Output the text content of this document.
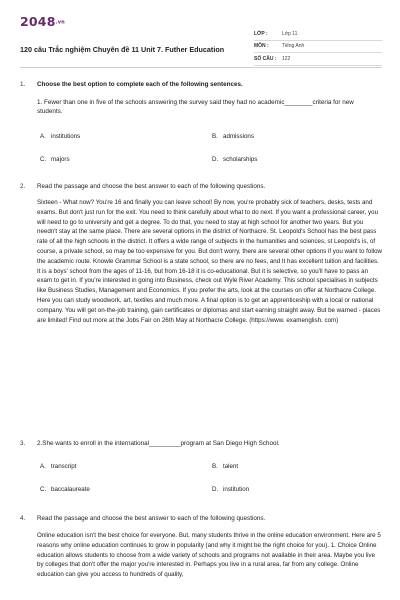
2048.vn
120 câu Trắc nghiệm Chuyên đề 11 Unit 7. Futher Education
LỚP :	Lớp 11
MÔN :	Tiếng Anh
SỐ CÂU :	122
1. Choose the best option to complete each of the following sentences.
1. Fewer than one in five of the schools answering the survey said they had no academic________criteria for new students.
A. institutions	B. admissions
C. majors	D. scholarships
2. Read the passage and choose the best answer to each of the following questions.
Sixteen - What now? You're 16 and finally you can leave school! By now, you're probably sick of teachers, desks, tests and exams. But don't just run for the exit. You need to think carefully about what to do next. If you want a professional career, you will need to go to university and get a degree. To do that, you need to stay at high school for another two years. But you needn't stay at the same place. There are several options in the district of Northacre. St. Leopold's School has the best pass rate of all the high schools in the district. It offers a wide range of subjects in the humanities and sciences, st Leopold's is, of course, a private school, so may be too expensive for you. But don't worry, there are several other options if you want to follow the academic route. Knowle Grammar School is a state school, so there are no fees, and It has excellent tuition and facilities. It is a boys' school from the ages of 11-16, but from 16-18 it is co-educational. But it is selective, so you'll have to pass an exam to get in. If you're interested in going into Business, check out Wyle River Academy. This school specialises in subjects like Business Studies, Management and Economics. If you prefer the arts, look at the courses on offer at Northacre College. Here you can study woodwork, art, textiles and much more. A final option is to get an apprenticeship with a local or national company. You will get on-the-job training, gain certificates or diplomas and start earning straight away. But be warned - places are limited! Find out more at the Jobs Fair on 26th May at Northacre College. (https://www. examenglish. com)
3. 2.She wants to enroll in the international_________program at San Diego High School.
A. transcript	B. talent
C. baccalaureate	D. institution
4. Read the passage and choose the best answer to each of the following questions.
Online education isn't the best choice for everyone. But, many students thrive in the online education environment. Here are 5 reasons why online education continues to grow in popularity (and why it might be the right choice for you). 1. Choice Online education allows students to choose from a wide variety of schools and programs not available in their area. Maybe you live by colleges that don't offer the major you're interested in. Perhaps you live in a rural area, far from any college. Online education can give you access to hundreds of quality,
